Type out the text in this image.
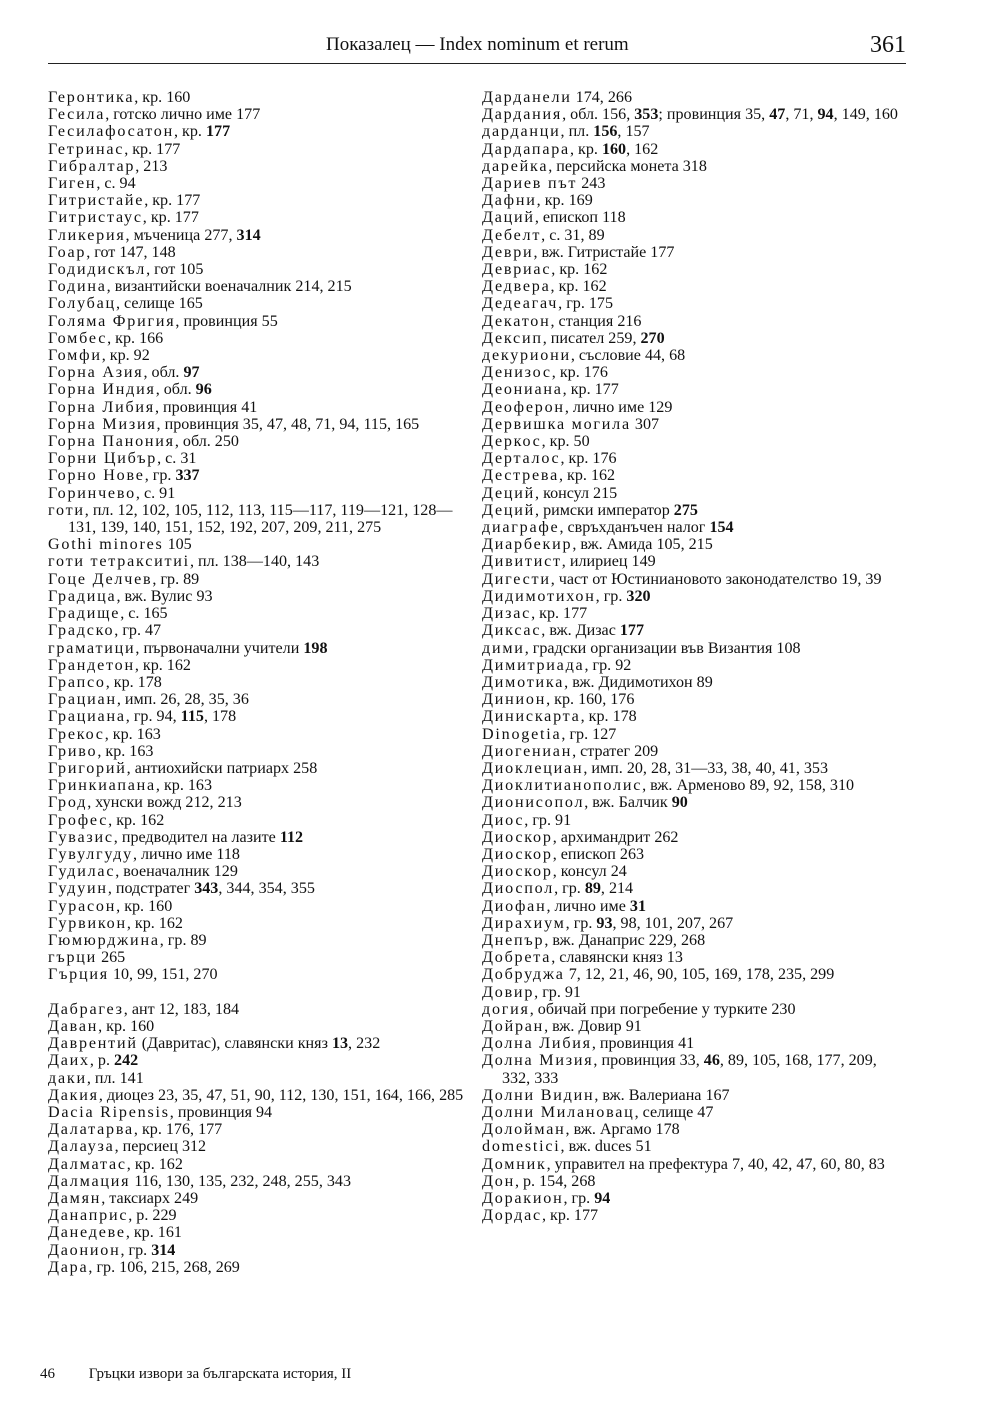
Показалец — Index nominum et rerum	361
Геронтика, кр. 160
Гесила, готско лично име 177
Гесилафосатон, кр. 177
Гетринас, кр. 177
Гибралтар, 213
Гиген, с. 94
Гитристайе, кр. 177
Гитристаус, кр. 177
Гликерия, мъченица 277, 314
Гоар, гот 147, 148
Годидискъл, гот 105
Година, византийски военачалник 214, 215
Голубац, селище 165
Голяма Фригия, провинция 55
Гомбес, кр. 166
Гомфи, кр. 92
Горна Азия, обл. 97
Горна Индия, обл. 96
Горна Либия, провинция 41
Горна Мизия, провинция 35, 47, 48, 71, 94, 115, 165
Горна Панония, обл. 250
Горни Цибър, с. 31
Горно Нове, гр. 337
Горинчево, с. 91
готи, пл. 12, 102, 105, 112, 113, 115—117, 119—121, 128—131, 139, 140, 151, 152, 192, 207, 209, 211, 275
Gothi minores 105
готи тетракситиі, пл. 138—140, 143
Гоце Делчев, гр. 89
Градица, вж. Вулис 93
Градище, с. 165
Градско, гр. 47
граматици, първоначални учители 198
Грандетон, кр. 162
Грапсо, кр. 178
Грациан, имп. 26, 28, 35, 36
Грациана, гр. 94, 115, 178
Грекос, кр. 163
Гриво, кр. 163
Григорий, антиохийски патриарх 258
Гринкиапана, кр. 163
Грод, хунски вожд 212, 213
Грофес, кр. 162
Гувазис, предводител на лазите 112
Гувулгуду, лично име 118
Гудилас, военачалник 129
Гудуин, подстратег 343, 344, 354, 355
Гурасон, кр. 160
Гурвикон, кр. 162
Гюмюрджина, гр. 89
гърци 265
Гърция 10, 99, 151, 270
Дабрагез, ант 12, 183, 184
Даван, кр. 160
Даврентий (Давритас), славянски княз 13, 232
Даих, р. 242
даки, пл. 141
Дакия, диоцез 23, 35, 47, 51, 90, 112, 130, 151, 164, 166, 285
Dacia Ripensis, провинция 94
Далатарва, кр. 176, 177
Далауза, персиец 312
Далматас, кр. 162
Далмация 116, 130, 135, 232, 248, 255, 343
Дамян, таксиарх 249
Данаприс, р. 229
Данедеве, кр. 161
Даонион, гр. 314
Дара, гр. 106, 215, 268, 269
Дарданели 174, 266
Дардания, обл. 156, 353; провинция 35, 47, 71, 94, 149, 160
дарданци, пл. 156, 157
Дардапара, кр. 160, 162
дарейка, персийска монета 318
Дариев път 243
Дафни, кр. 169
Даций, епископ 118
Дебелт, с. 31, 89
Деври, вж. Гитристайе 177
Девриас, кр. 162
Дедвера, кр. 162
Дедеагач, гр. 175
Декатон, станция 216
Дексип, писател 259, 270
декуриони, съсловие 44, 68
Денизос, кр. 176
Деониана, кр. 177
Деоферон, лично име 129
Дервишка могила 307
Деркос, кр. 50
Дерталос, кр. 176
Дестрева, кр. 162
Деций, консул 215
Деций, римски император 275
диаграфе, свръхданъчен налог 154
Диарбекир, вж. Амида 105, 215
Дивитист, илириец 149
Дигести, част от Юстиниановото законодателство 19, 39
Дидимотихон, гр. 320
Дизас, кр. 177
Диксас, вж. Дизас 177
дими, градски организации във Византия 108
Димитриада, гр. 92
Димотика, вж. Дидимотихон 89
Динион, кр. 160, 176
Динискарта, кр. 178
Dinogetia, гр. 127
Диогениан, стратег 209
Диоклециан, имп. 20, 28, 31—33, 38, 40, 41, 353
Диоклитианополис, вж. Арменово 89, 92, 158, 310
Дионисопол, вж. Балчик 90
Диос, гр. 91
Диоскор, архимандрит 262
Диоскор, епископ 263
Диоскор, консул 24
Диоспол, гр. 89, 214
Диофан, лично име 31
Дирахиум, гр. 93, 98, 101, 207, 267
Днепър, вж. Данаприс 229, 268
Добрета, славянски княз 13
Добруджа 7, 12, 21, 46, 90, 105, 169, 178, 235, 299
Довир, гр. 91
догия, обичай при погребение у турките 230
Дойран, вж. Довир 91
Долна Либия, провинция 41
Долна Мизия, провинция 33, 46, 89, 105, 168, 177, 209, 332, 333
Долни Видин, вж. Валериана 167
Долни Милановац, селище 47
Долойман, вж. Аргамо 178
domestici, вж. duces 51
Домник, управител на префектура 7, 40, 42, 47, 60, 80, 83
Дон, р. 154, 268
Доракион, гр. 94
Дордас, кр. 177
46 Гръцки извори за българската история, II
